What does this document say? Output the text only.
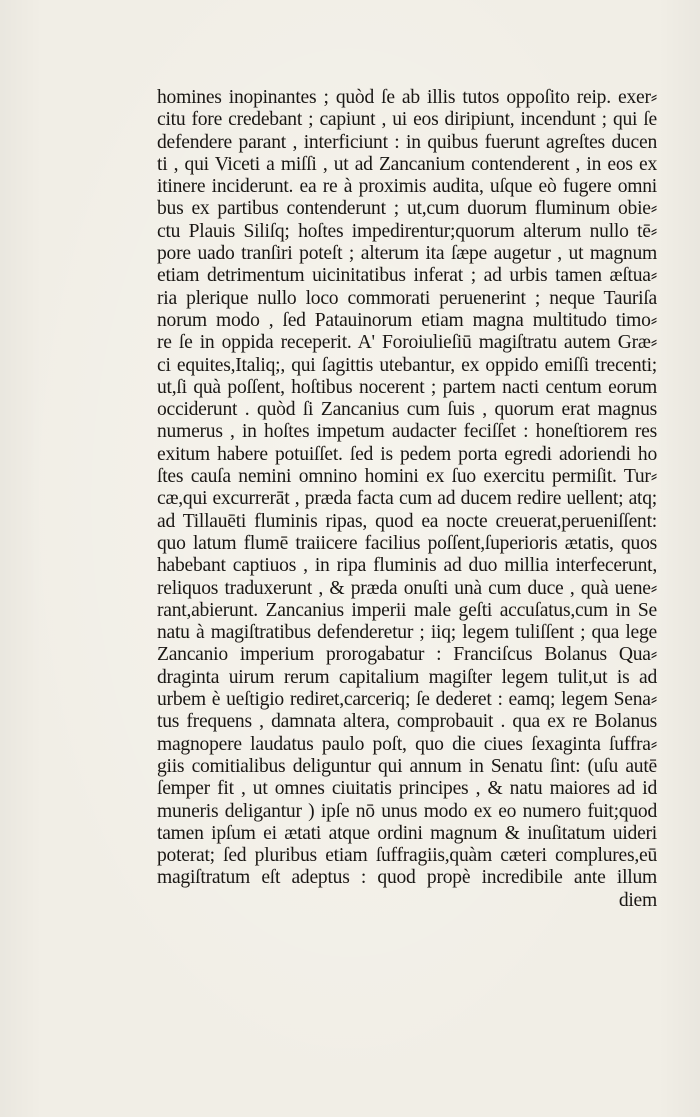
homines inopinantes ; quòd ſe ab illis tutos oppoſito reip. exer⸗
citu fore credebant ; capiunt , ui eos diripiunt, incendunt ; qui ſe
defendere parant , interficiunt : in quibus fuerunt agreſtes ducen
ti , qui Viceti a miſſi , ut ad Zancanium contenderent , in eos ex
itinere inciderunt. ea re à proximis audita, uſque eò fugere omni
bus ex partibus contenderunt ; ut,cum duorum fluminum obie⸗
ctu Plauis Siliſq; hoſtes impedirentur;quorum alterum nullo tē⸗
pore uado tranſiri poteſt ; alterum ita ſæpe augetur , ut magnum
etiam detrimentum uicinitatibus inferat ; ad urbis tamen æſtua⸗
ria plerique nullo loco commorati peruenerint ; neque Tauriſa
norum modo , ſed Patauinorum etiam magna multitudo timo⸗
re ſe in oppida receperit. A' Foroiulieſiū magiſtratu autem Græ⸗
ci equites,Italiq;, qui ſagittis utebantur, ex oppido emiſſi trecenti;
ut,ſi quà poſſent, hoſtibus nocerent ; partem nacti centum eorum
occiderunt . quòd ſi Zancanius cum ſuis , quorum erat magnus
numerus , in hoſtes impetum audacter feciſſet : honeſtiorem res
exitum habere potuiſſet. ſed is pedem porta egredi adoriendi ho
ſtes cauſa nemini omnino homini ex ſuo exercitu permiſit. Tur⸗
cæ,qui excurrerāt , præda facta cum ad ducem redire uellent; atq;
ad Tillauēti fluminis ripas, quod ea nocte creuerat,perueniſſent:
quo latum flumē traiicere facilius poſſent,ſuperioris ætatis, quos
habebant captiuos , in ripa fluminis ad duo millia interfecerunt,
reliquos traduxerunt , & præda onuſti unà cum duce , quà uene⸗
rant,abierunt. Zancanius imperii male geſti accuſatus,cum in Se
natu à magiſtratibus defenderetur ; iiq; legem tuliſſent ; qua lege
Zancanio imperium prorogabatur : Franciſcus Bolanus Qua⸗
draginta uirum rerum capitalium magiſter legem tulit,ut is ad
urbem è ueſtigio rediret,carceriq; ſe dederet : eamq; legem Sena⸗
tus frequens , damnata altera, comprobauit . qua ex re Bolanus
magnopere laudatus paulo poſt, quo die ciues ſexaginta ſuffra⸗
giis comitialibus deliguntur qui annum in Senatu ſint: (uſu autē
ſemper fit , ut omnes ciuitatis principes , & natu maiores ad id
muneris deligantur ) ipſe nō unus modo ex eo numero fuit;quod
tamen ipſum ei ætati atque ordini magnum & inuſitatum uideri
poterat; ſed pluribus etiam ſuffragiis,quàm cæteri complures,eū
magiſtratum eſt adeptus : quod propè incredibile ante illum
diem
